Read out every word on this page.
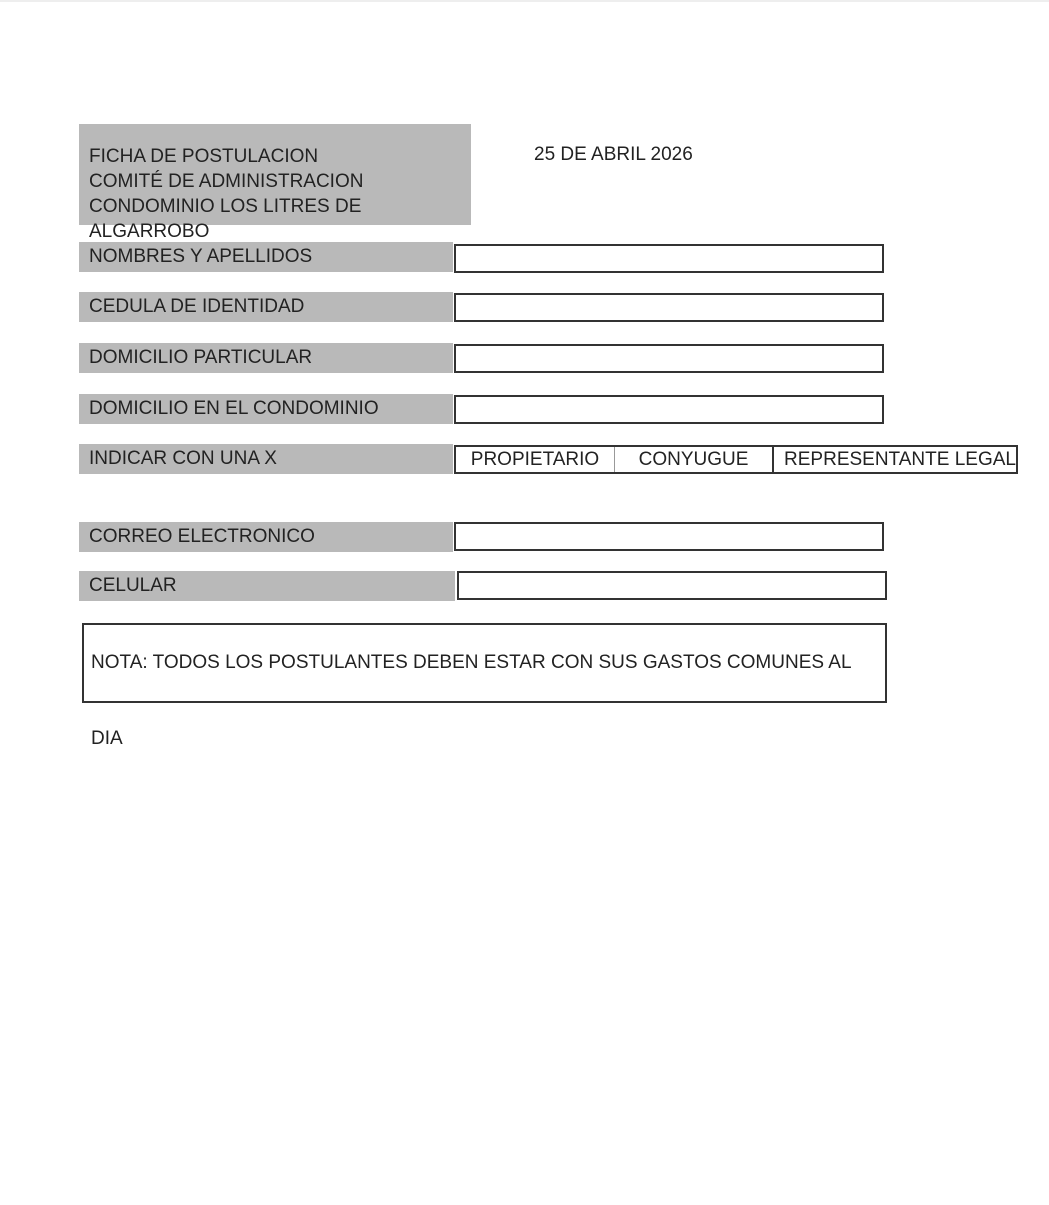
FICHA DE POSTULACION
COMITÉ DE ADMINISTRACION
CONDOMINIO LOS LITRES DE ALGARROBO
25 DE ABRIL 2026
NOMBRES Y APELLIDOS
CEDULA DE IDENTIDAD
DOMICILIO PARTICULAR
DOMICILIO EN EL CONDOMINIO
INDICAR CON UNA X	PROPIETARIO	CONYUGUE	REPRESENTANTE LEGAL
CORREO ELECTRONICO
CELULAR
NOTA: TODOS LOS POSTULANTES DEBEN ESTAR CON SUS GASTOS COMUNES AL DIA
